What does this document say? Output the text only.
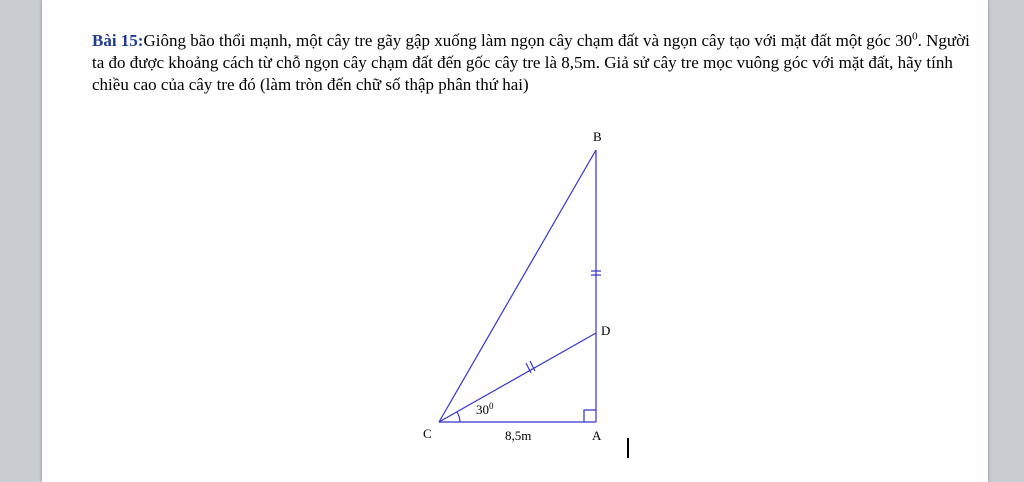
Bài 15:Giông bão thổi mạnh, một cây tre gãy gập xuống làm ngọn cây chạm đất và ngọn cây tạo với mặt đất một góc $30^0$. Người ta đo được khoảng cách từ chỗ ngọn cây chạm đất đến gốc cây tre là 8,5m. Giả sử cây tre mọc vuông góc với mặt đất, hãy tính chiều cao của cây tre đó (làm tròn đến chữ số thập phân thứ hai)
B
D
C	A
$30^0$
8,5m
